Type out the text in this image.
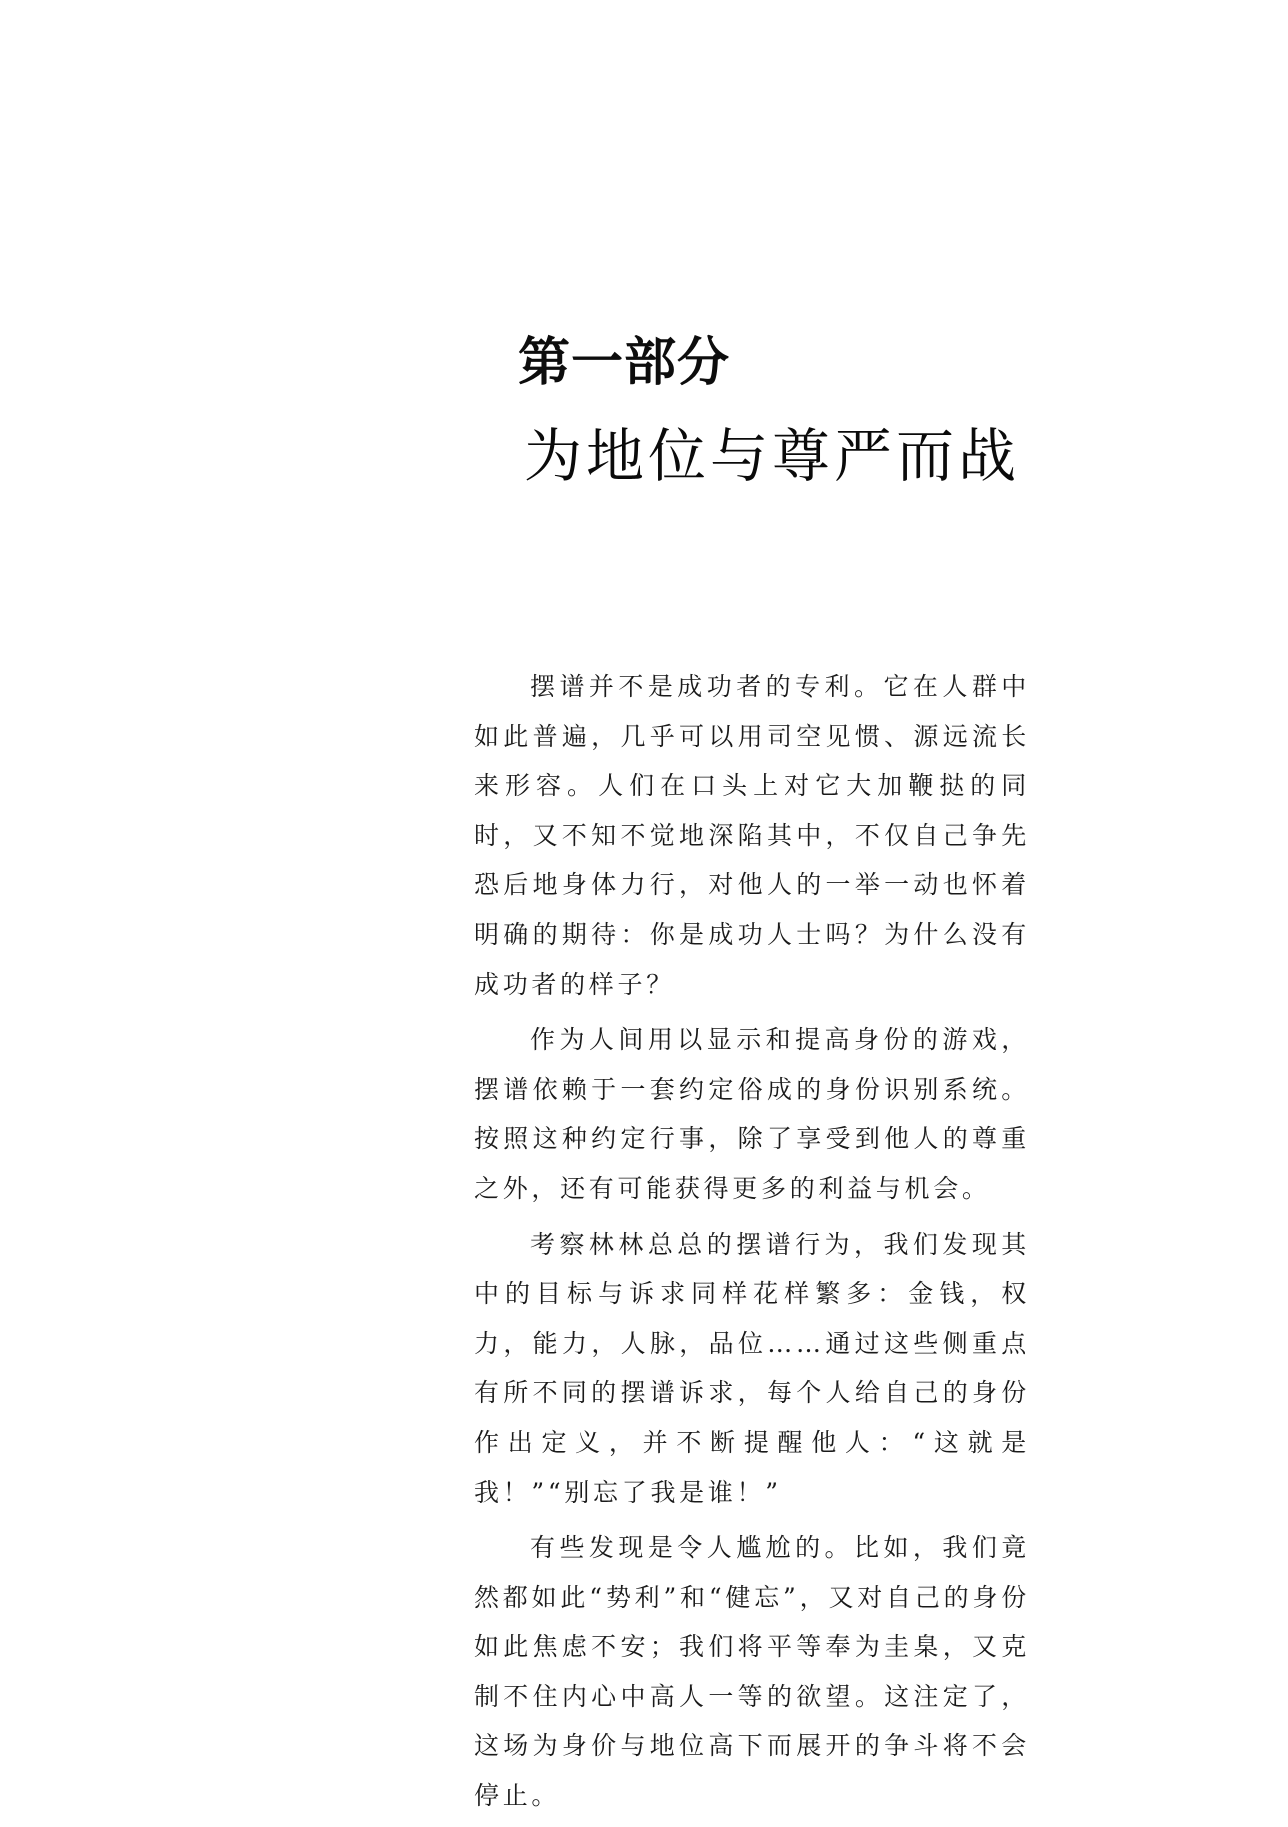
第一部分
为地位与尊严而战

摆谱并不是成功者的专利。它在人群中如此普遍，几乎可以用司空见惯、源远流长来形容。人们在口头上对它大加鞭挞的同时，又不知不觉地深陷其中，不仅自己争先恐后地身体力行，对他人的一举一动也怀着明确的期待：你是成功人士吗？为什么没有成功者的样子？

作为人间用以显示和提高身份的游戏，摆谱依赖于一套约定俗成的身份识别系统。按照这种约定行事，除了享受到他人的尊重之外，还有可能获得更多的利益与机会。

考察林林总总的摆谱行为，我们发现其中的目标与诉求同样花样繁多：金钱，权力，能力，人脉，品位……通过这些侧重点有所不同的摆谱诉求，每个人给自己的身份作出定义，并不断提醒他人：“这就是我！”“别忘了我是谁！”

有些发现是令人尴尬的。比如，我们竟然都如此“势利”和“健忘”，又对自己的身份如此焦虑不安；我们将平等奉为圭臬，又克制不住内心中高人一等的欲望。这注定了，这场为身价与地位高下而展开的争斗将不会停止。
